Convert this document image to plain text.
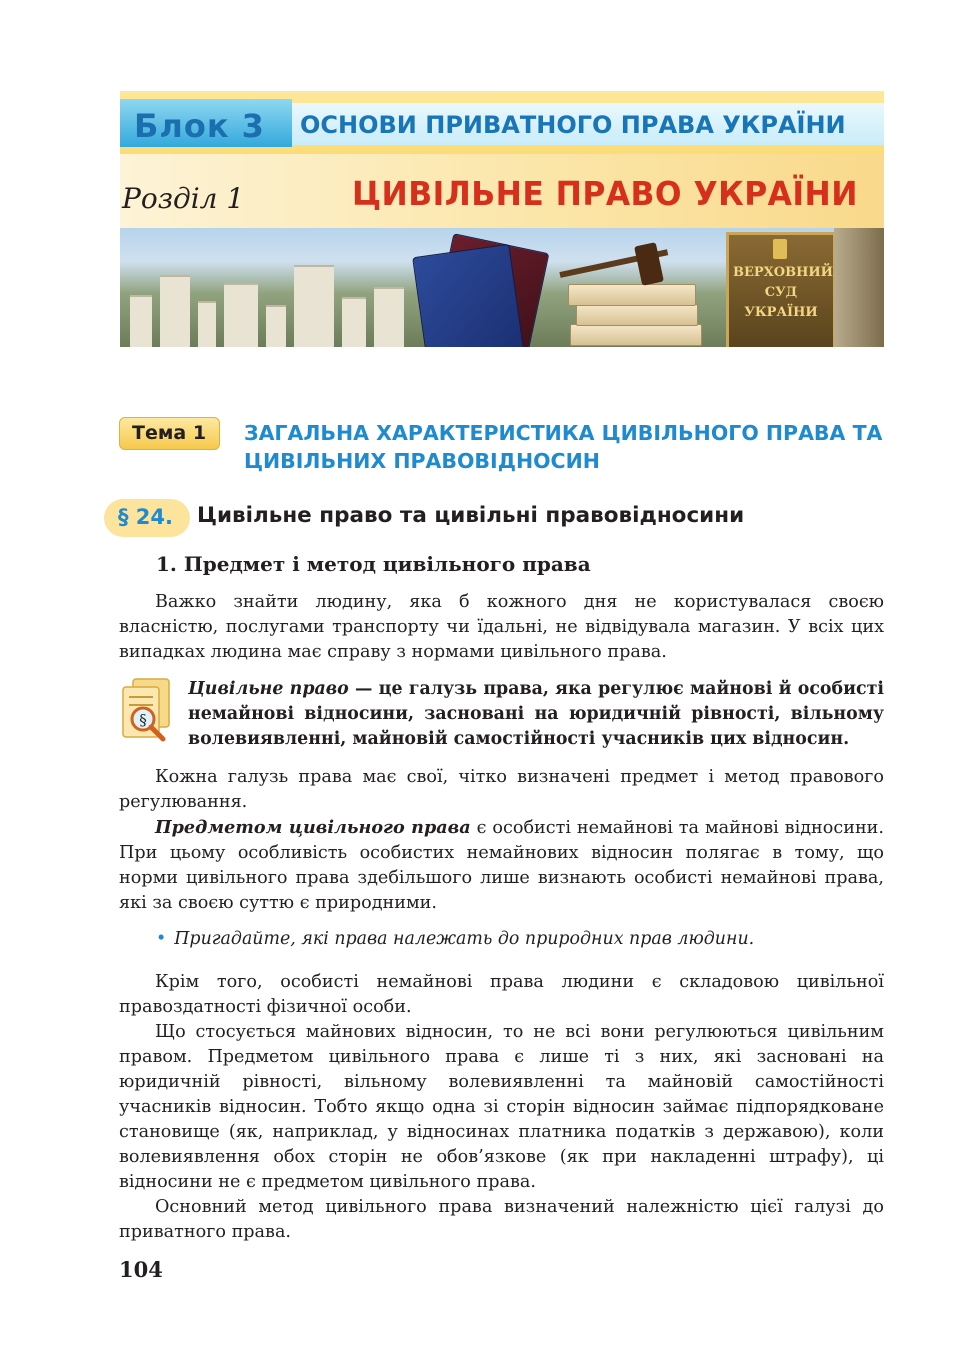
Блок 3 ОСНОВИ ПРИВАТНОГО ПРАВА УКРАЇНИ
Розділ 1	ЦИВІЛЬНЕ ПРАВО УКРАЇНИ
ВЕРХОВНИЙ СУД УКРАЇНИ
Тема 1 ЗАГАЛЬНА ХАРАКТЕРИСТИКА ЦИВІЛЬНОГО ПРАВА ТА ЦИВІЛЬНИХ ПРАВОВІДНОСИН
§ 24. Цивільне право та цивільні правовідносини
1. Предмет і метод цивільного права

Важко знайти людину, яка б кожного дня не користувалася своєю власністю, послугами транспорту чи їдальні, не відвідувала магазин. У всіх цих випадках людина має справу з нормами цивільного права.

§
Цивільне право — це галузь права, яка регулює майнові й особисті немайнові відносини, засновані на юридичній рівності, вільному волевиявленні, майновій самостійності учасників цих відносин.

Кожна галузь права має свої, чітко визначені предмет і метод правового регулювання.

Предметом цивільного права є особисті немайнові та майнові відносини. При цьому особливість особистих немайнових відносин полягає в тому, що норми цивільного права здебільшого лише визнають особисті немайнові права, які за своєю суттю є природними.

• Пригадайте, які права належать до природних прав людини.

Крім того, особисті немайнові права людини є складовою цивільної правоздатності фізичної особи.

Що стосується майнових відносин, то не всі вони регулюються цивільним правом. Предметом цивільного права є лише ті з них, які засновані на юридичній рівності, вільному волевиявленні та майновій самостійності учасників відносин. Тобто якщо одна зі сторін відносин займає підпорядковане становище (як, наприклад, у відносинах платника податків з державою), коли волевиявлення обох сторін не обов’язкове (як при накладенні штрафу), ці відносини не є предметом цивільного права.

Основний метод цивільного права визначений належністю цієї галузі до приватного права.

104
